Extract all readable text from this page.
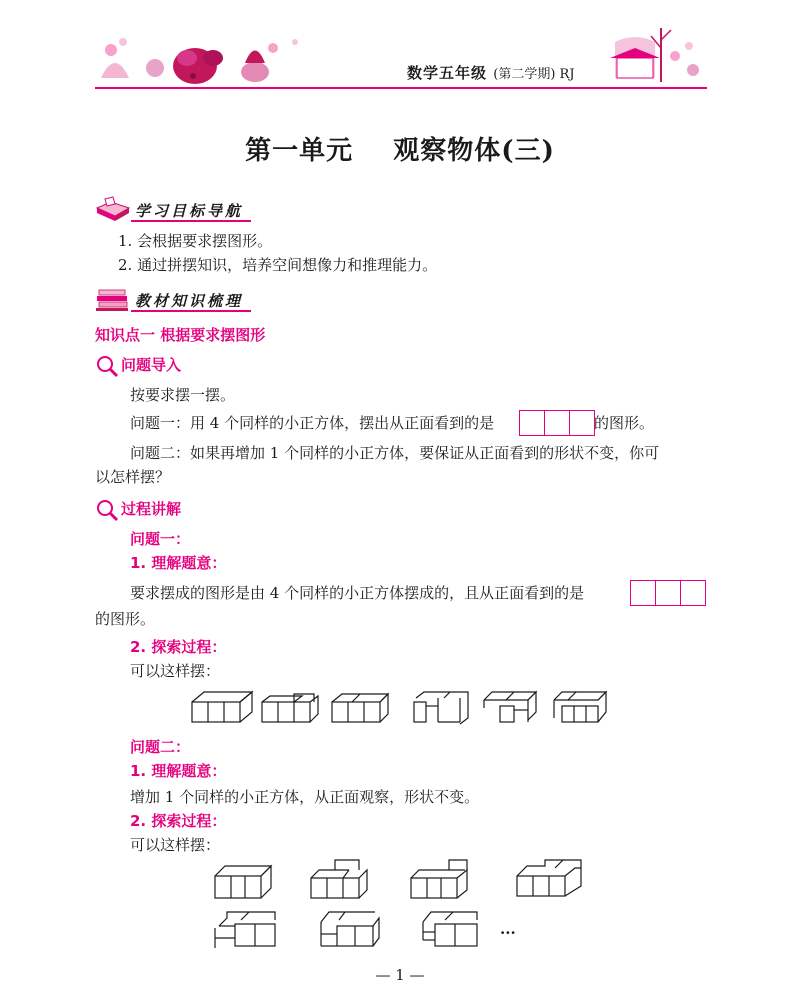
数学五年级 (第二学期) RJ
第一单元    观察物体(三)
学习目标导航
1. 会根据要求摆图形。
2. 通过拼摆知识，培养空间想像力和推理能力。
教材知识梳理
知识点一 根据要求摆图形
问题导入
按要求摆一摆。
问题一：用 4 个同样的小正方体，摆出从正面看到的是	的图形。
问题二：如果再增加 1 个同样的小正方体，要保证从正面看到的形状不变，你可
以怎样摆？
过程讲解
问题一：
1. 理解题意：
要求摆成的图形是由 4 个同样的小正方体摆成的，且从正面看到的是
的图形。
2. 探索过程：
可以这样摆：
问题二：
1. 理解题意：
增加 1 个同样的小正方体，从正面观察，形状不变。
2. 探索过程：
可以这样摆：
...
— 1 —
